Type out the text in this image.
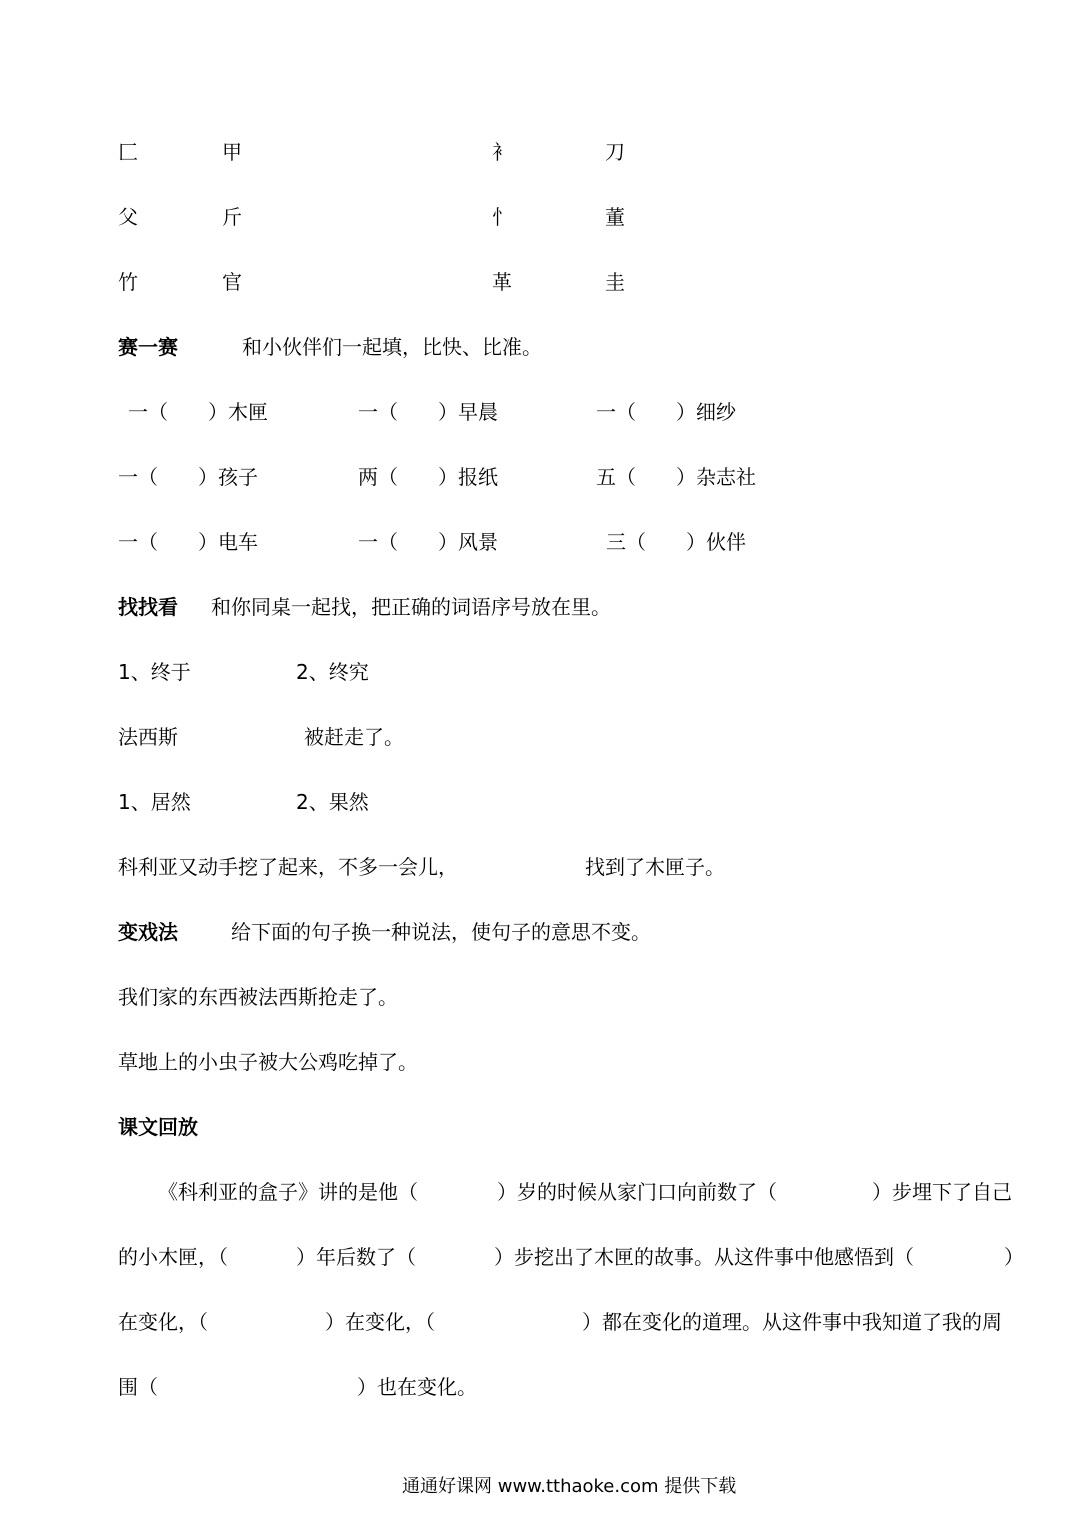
匚	甲	衤	刀
父	斤	忄	董
竹	官	革	圭
赛一赛	和小伙伴们一起填，比快、比准。
一（　　）木匣	一（　　）早晨	一（　　）细纱
一（　　）孩子	两（　　）报纸	五（　　）杂志社
一（　　）电车	一（　　）风景	三（　　）伙伴
找找看 和你同桌一起找，把正确的词语序号放在里。
1、终于	2、终究
法西斯	被赶走了。
1、居然	2、果然
科利亚又动手挖了起来，不多一会儿，	找到了木匣子。
变戏法	给下面的句子换一种说法，使句子的意思不变。
我们家的东西被法西斯抢走了。
草地上的小虫子被大公鸡吃掉了。
课文回放
《科利亚的盒子》讲的是他（	）岁的时候从家门口向前数了（	）步埋下了自己
的小木匣，（	）年后数了（	）步挖出了木匣的故事。从这件事中他感悟到（	）
在变化，（	）在变化，（	）都在变化的道理。从这件事中我知道了我的周
围（	）也在变化。
通通好课网 www.tthaoke.com 提供下载
